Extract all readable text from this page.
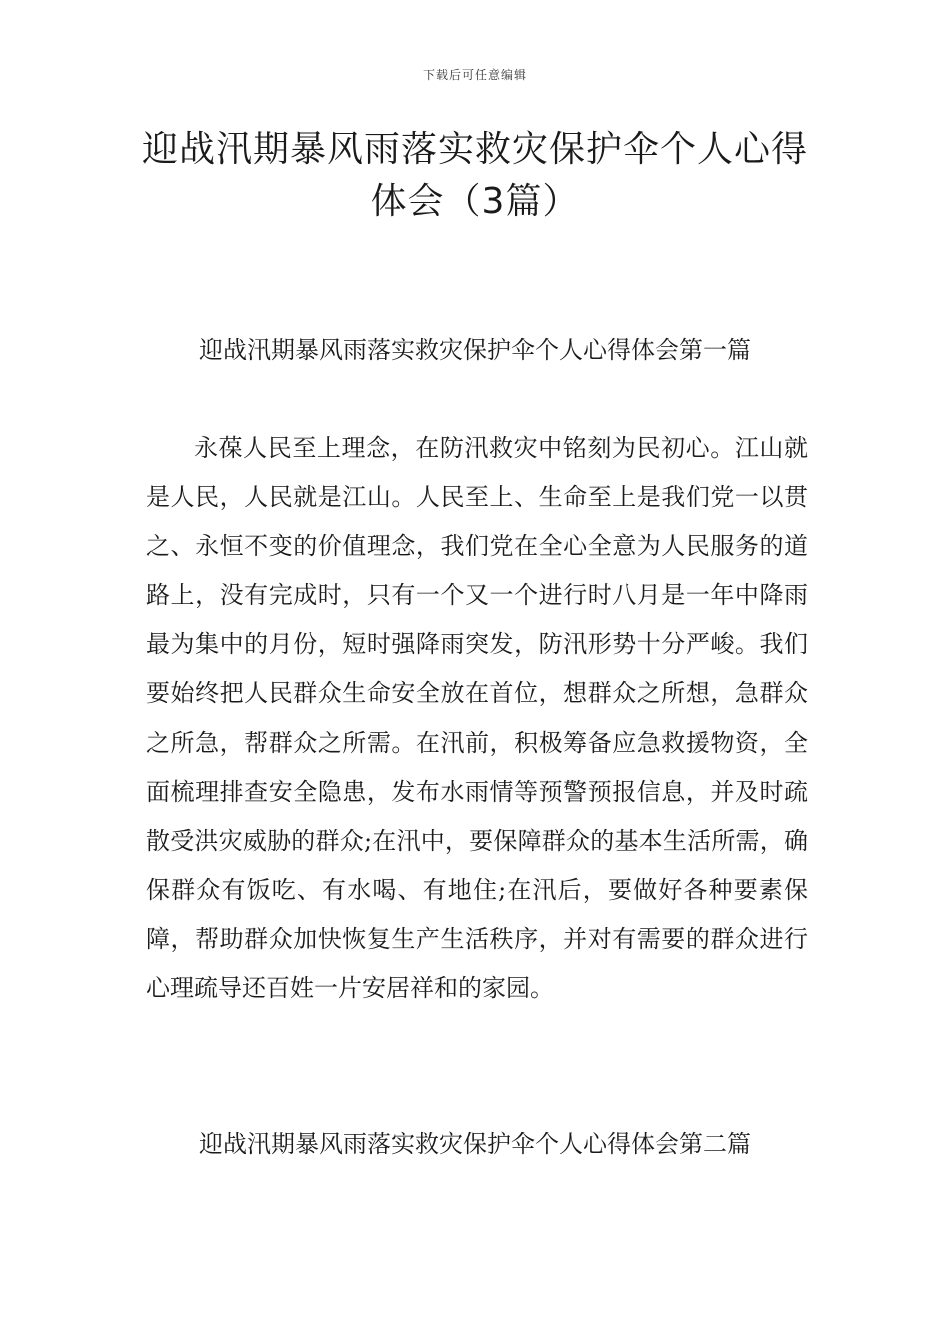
下载后可任意编辑
迎战汛期暴风雨落实救灾保护伞个人心得体会（3篇）
迎战汛期暴风雨落实救灾保护伞个人心得体会第一篇

永葆人民至上理念，在防汛救灾中铭刻为民初心。江山就是人民，人民就是江山。人民至上、生命至上是我们党一以贯之、永恒不变的价值理念，我们党在全心全意为人民服务的道路上，没有完成时，只有一个又一个进行时八月是一年中降雨最为集中的月份，短时强降雨突发，防汛形势十分严峻。我们要始终把人民群众生命安全放在首位，想群众之所想，急群众之所急，帮群众之所需。在汛前，积极筹备应急救援物资，全面梳理排查安全隐患，发布水雨情等预警预报信息，并及时疏散受洪灾威胁的群众;在汛中，要保障群众的基本生活所需，确保群众有饭吃、有水喝、有地住;在汛后，要做好各种要素保障，帮助群众加快恢复生产生活秩序，并对有需要的群众进行心理疏导还百姓一片安居祥和的家园。

迎战汛期暴风雨落实救灾保护伞个人心得体会第二篇
